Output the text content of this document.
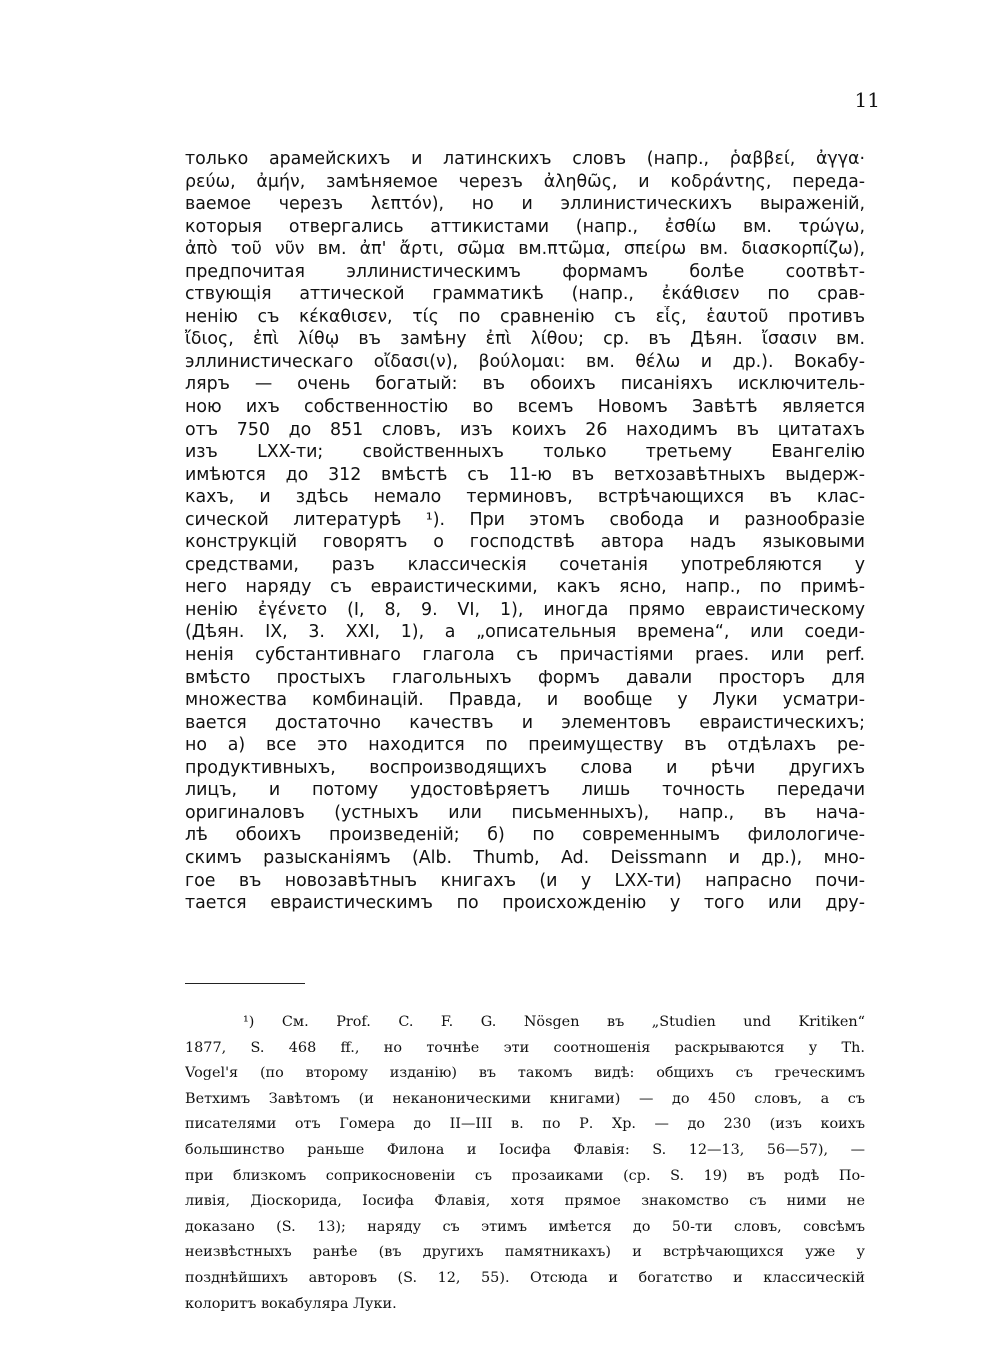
11
только арамейскихъ и латинскихъ словъ (напр., ῥαββεί, ἀγγα·
ρεύω, ἀμήν, замѣняемое черезъ ἀληθῶς, и κοδράντης, переда-
ваемое черезъ λεπτόν), но и эллинистическихъ выраженій,
которыя отвергались аттикистами (напр., ἐσθίω вм. τρώγω,
ἀπὸ τοῦ νῦν вм. ἀπ' ἄρτι, σῶμα вм.πτῶμα, σπείρω вм. διασκορπίζω),
предпочитая эллинистическимъ формамъ болѣе соотвѣт-
ствующія аттической грамматикѣ (напр., ἐκάθισεν по срав-
ненію съ κέκαθισεν, τίς по сравненію съ εἷς, ἑαυτοῦ противъ
ἴδιος, ἐπὶ λίθῳ въ замѣну ἐπὶ λίθου; ср. въ Дѣян. ἴσασιν вм.
эллинистическаго οἴδασι(ν), βούλομαι: вм. θέλω и др.). Вокабу-
ляръ — очень богатый: въ обоихъ писаніяхъ исключитель-
ною ихъ собственностію во всемъ Новомъ Завѣтѣ является
отъ 750 до 851 словъ, изъ коихъ 26 находимъ въ цитатахъ
изъ LXX-ти; свойственныхъ только третьему Евангелію
имѣются до 312 вмѣстѣ съ 11-ю въ ветхозавѣтныхъ выдерж-
кахъ, и здѣсь немало терминовъ, встрѣчающихся въ клас-
сической литературѣ ¹). При этомъ свобода и разнообразіе
конструкцій говорятъ о господствѣ автора надъ языковыми
средствами, разъ классическія сочетанія употребляются у
него наряду съ евраистическими, какъ ясно, напр., по примѣ-
ненію ἐγένετο (I, 8, 9. VI, 1), иногда прямо евраистическому
(Дѣян. IX, 3. XXI, 1), а „описательныя времена“, или соеди-
ненія субстантивнаго глагола съ причастіями praes. или perf.
вмѣсто простыхъ глагольныхъ формъ давали просторъ для
множества комбинацій. Правда, и вообще у Луки усматри-
вается достаточно качествъ и элементовъ евраистическихъ;
но а) все это находится по преимуществу въ отдѣлахъ ре-
продуктивныхъ, воспроизводящихъ слова и рѣчи другихъ
лицъ, и потому удостовѣряетъ лишь точность передачи
оригиналовъ (устныхъ или письменныхъ), напр., въ нача-
лѣ обоихъ произведеній; б) по современнымъ филологиче-
скимъ разысканіямъ (Alb. Thumb, Ad. Deissmann и др.), мно-
гое въ новозавѣтныъ книгахъ (и у LXX-ти) напрасно почи-
тается евраистическимъ по происхожденію у того или дру-
¹) См. Prof. C. F. G. Nösgen въ „Studien und Kritiken“
1877, S. 468 ff., но точнѣе эти соотношенія раскрываются у Th.
Vogel'я (по второму изданію) въ такомъ видѣ: общихъ съ греческимъ
Ветхимъ Завѣтомъ (и неканоническими книгами) — до 450 словъ, а съ
писателями отъ Гомера до II—III в. по Р. Хр. — до 230 (изъ коихъ
большинство раньше Филона и Іосифа Флавія: S. 12—13, 56—57), —
при близкомъ соприкосновеніи съ прозаиками (ср. S. 19) въ родѣ По-
ливія, Діоскорида, Іосифа Флавія, хотя прямое знакомство съ ними не
доказано (S. 13); наряду съ этимъ имѣется до 50-ти словъ, совсѣмъ
неизвѣстныхъ ранѣе (въ другихъ памятникахъ) и встрѣчающихся уже у
позднѣйшихъ авторовъ (S. 12, 55). Отсюда и богатство и классическій
колоритъ вокабуляра Луки.
